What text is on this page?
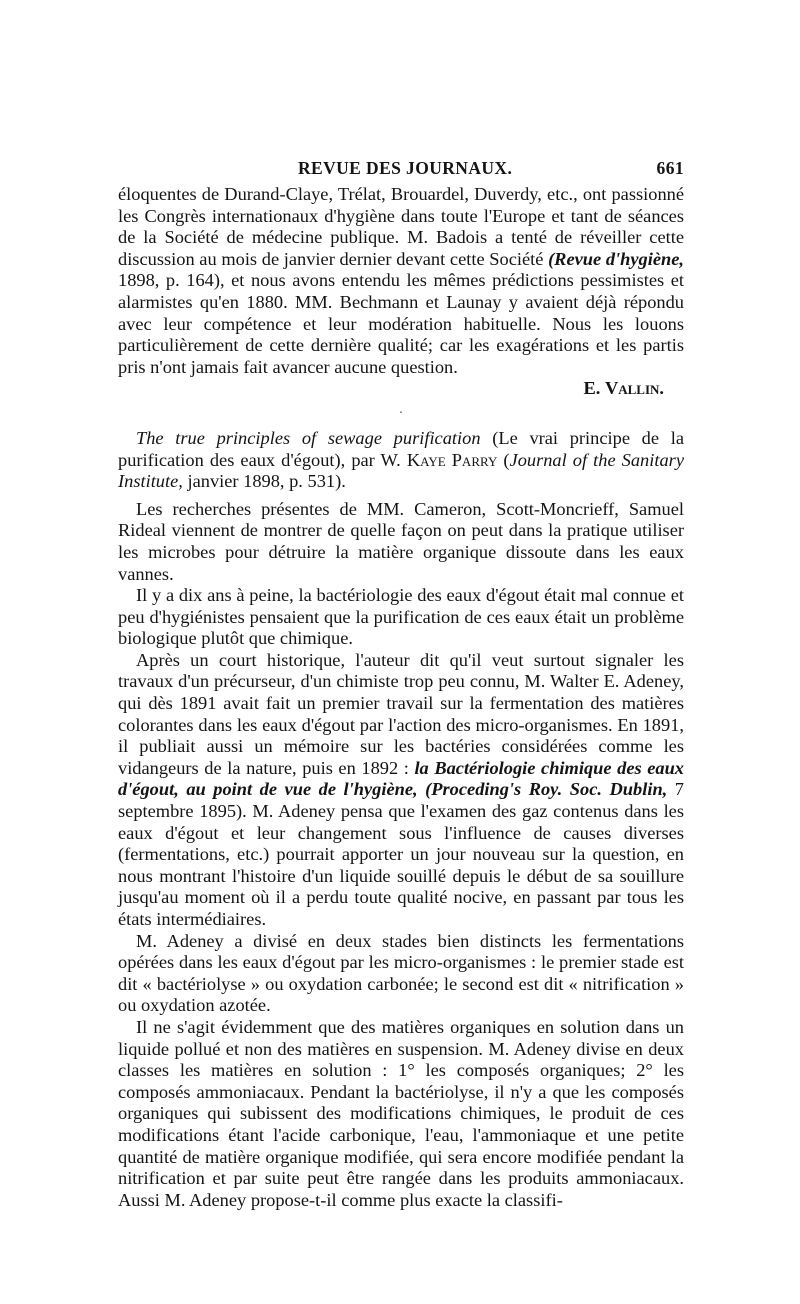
REVUE DES JOURNAUX.	661

éloquentes de Durand-Claye, Trélat, Brouardel, Duverdy, etc., ont passionné les Congrès internationaux d'hygiène dans toute l'Europe et tant de séances de la Société de médecine publique. M. Badois a tenté de réveiller cette discussion au mois de janvier dernier devant cette Société (Revue d'hygiène, 1898, p. 164), et nous avons entendu les mêmes prédictions pessimistes et alarmistes qu'en 1880. MM. Bechmann et Launay y avaient déjà répondu avec leur compétence et leur modération habituelle. Nous les louons particulièrement de cette dernière qualité; car les exagérations et les partis pris n'ont jamais fait avancer aucune question.

E. Vallin.
·

The true principles of sewage purification (Le vrai principe de la purification des eaux d'égout), par W. Kaye Parry (Journal of the Sanitary Institute, janvier 1898, p. 531).

Les recherches présentes de MM. Cameron, Scott-Moncrieff, Samuel Rideal viennent de montrer de quelle façon on peut dans la pratique utiliser les microbes pour détruire la matière organique dissoute dans les eaux vannes.

Il y a dix ans à peine, la bactériologie des eaux d'égout était mal connue et peu d'hygiénistes pensaient que la purification de ces eaux était un problème biologique plutôt que chimique.

Après un court historique, l'auteur dit qu'il veut surtout signaler les travaux d'un précurseur, d'un chimiste trop peu connu, M. Walter E. Adeney, qui dès 1891 avait fait un premier travail sur la fermentation des matières colorantes dans les eaux d'égout par l'action des micro-organismes. En 1891, il publiait aussi un mémoire sur les bactéries considérées comme les vidangeurs de la nature, puis en 1892 : la Bactériologie chimique des eaux d'égout, au point de vue de l'hygiène, (Proceding's Roy. Soc. Dublin, 7 septembre 1895). M. Adeney pensa que l'examen des gaz contenus dans les eaux d'égout et leur changement sous l'influence de causes diverses (fermentations, etc.) pourrait apporter un jour nouveau sur la question, en nous montrant l'histoire d'un liquide souillé depuis le début de sa souillure jusqu'au moment où il a perdu toute qualité nocive, en passant par tous les états intermédiaires.

M. Adeney a divisé en deux stades bien distincts les fermentations opérées dans les eaux d'égout par les micro-organismes : le premier stade est dit « bactériolyse » ou oxydation carbonée; le second est dit « nitrification » ou oxydation azotée.

Il ne s'agit évidemment que des matières organiques en solution dans un liquide pollué et non des matières en suspension. M. Adeney divise en deux classes les matières en solution : 1° les composés organiques; 2° les composés ammoniacaux. Pendant la bactériolyse, il n'y a que les composés organiques qui subissent des modifications chimiques, le produit de ces modifications étant l'acide carbonique, l'eau, l'ammoniaque et une petite quantité de matière organique modifiée, qui sera encore modifiée pendant la nitrification et par suite peut être rangée dans les produits ammoniacaux. Aussi M. Adeney propose-t-il comme plus exacte la classifi-
